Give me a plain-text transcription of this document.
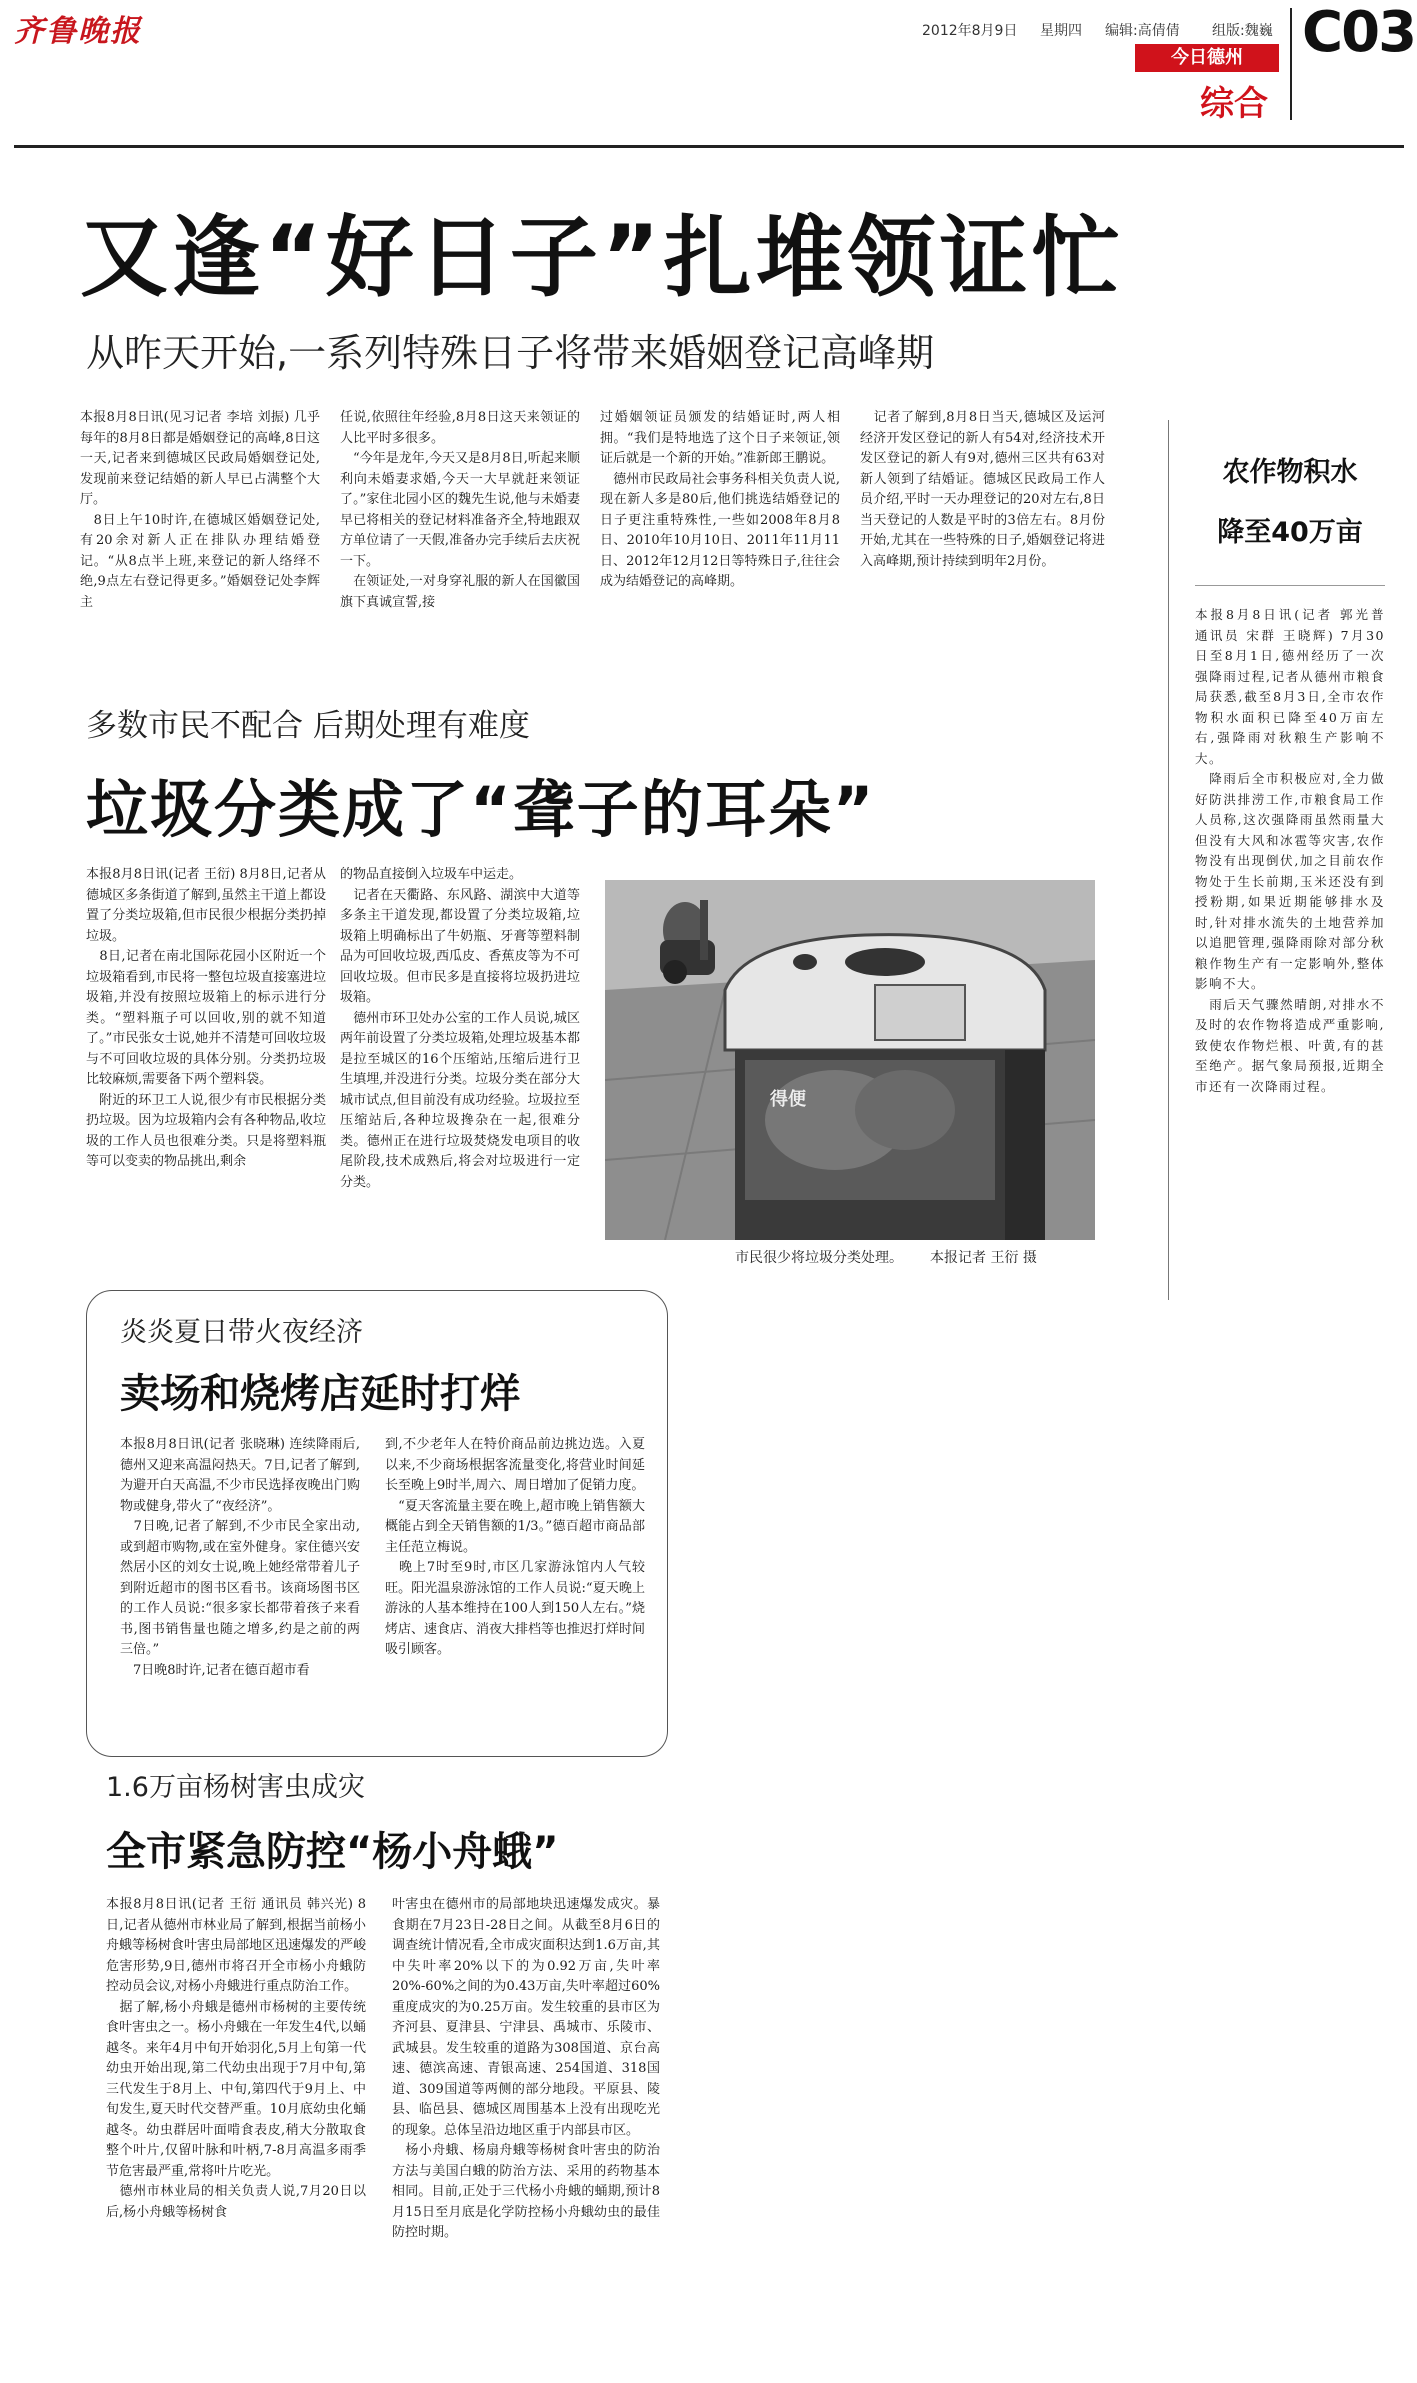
齐鲁晚报	2012年8月9日 星期四 编辑:高倩倩 组版:魏巍 C03
今日德州
综合
又逢“好日子”扎堆领证忙
从昨天开始,一系列特殊日子将带来婚姻登记高峰期
本报8月8日讯(见习记者 李培 刘振) 几乎每年的8月8日都是婚姻登记的高峰,8日这一天,记者来到德城区民政局婚姻登记处,发现前来登记结婚的新人早已占满整个大厅。
　8日上午10时许,在德城区婚姻登记处,有20余对新人正在排队办理结婚登记。“从8点半上班,来登记的新人络绎不绝,9点左右登记得更多。”婚姻登记处李辉主
任说,依照往年经验,8月8日这天来领证的人比平时多很多。
　“今年是龙年,今天又是8月8日,听起来顺利向未婚妻求婚,今天一大早就赶来领证了。”家住北园小区的魏先生说,他与未婚妻早已将相关的登记材料准备齐全,特地跟双方单位请了一天假,准备办完手续后去庆祝一下。
　在领证处,一对身穿礼服的新人在国徽国旗下真诚宣誓,接
过婚姻领证员颁发的结婚证时,两人相拥。“我们是特地选了这个日子来领证,领证后就是一个新的开始。”准新郎王鹏说。
　德州市民政局社会事务科相关负责人说,现在新人多是80后,他们挑选结婚登记的日子更注重特殊性,一些如2008年8月8日、2010年10月10日、2011年11月11日、2012年12月12日等特殊日子,往往会成为结婚登记的高峰期。
　记者了解到,8月8日当天,德城区及运河经济开发区登记的新人有54对,经济技术开发区登记的新人有9对,德州三区共有63对新人领到了结婚证。德城区民政局工作人员介绍,平时一天办理登记的20对左右,8日当天登记的人数是平时的3倍左右。8月份开始,尤其在一些特殊的日子,婚姻登记将进入高峰期,预计持续到明年2月份。
农作物积水
降至40万亩
本报8月8日讯(记者 郭光普 通讯员 宋群 王晓辉) 7月30日至8月1日,德州经历了一次强降雨过程,记者从德州市粮食局获悉,截至8月3日,全市农作物积水面积已降至40万亩左右,强降雨对秋粮生产影响不大。
　降雨后全市积极应对,全力做好防洪排涝工作,市粮食局工作人员称,这次强降雨虽然雨量大但没有大风和冰雹等灾害,农作物没有出现倒伏,加之目前农作物处于生长前期,玉米还没有到授粉期,如果近期能够排水及时,针对排水流失的土地营养加以追肥管理,强降雨除对部分秋粮作物生产有一定影响外,整体影响不大。
　雨后天气骤然晴朗,对排水不及时的农作物将造成严重影响,致使农作物烂根、叶黄,有的甚至绝产。据气象局预报,近期全市还有一次降雨过程。
多数市民不配合 后期处理有难度
垃圾分类成了“聋子的耳朵”
本报8月8日讯(记者 王衍) 8月8日,记者从德城区多条街道了解到,虽然主干道上都设置了分类垃圾箱,但市民很少根据分类扔掉垃圾。
　8日,记者在南北国际花园小区附近一个垃圾箱看到,市民将一整包垃圾直接塞进垃圾箱,并没有按照垃圾箱上的标示进行分类。“塑料瓶子可以回收,别的就不知道了。”市民张女士说,她并不清楚可回收垃圾与不可回收垃圾的具体分别。分类扔垃圾比较麻烦,需要备下两个塑料袋。
　附近的环卫工人说,很少有市民根据分类扔垃圾。因为垃圾箱内会有各种物品,收垃圾的工作人员也很难分类。只是将塑料瓶等可以变卖的物品挑出,剩余
的物品直接倒入垃圾车中运走。
　记者在天衢路、东风路、湖滨中大道等多条主干道发现,都设置了分类垃圾箱,垃圾箱上明确标出了牛奶瓶、牙膏等塑料制品为可回收垃圾,西瓜皮、香蕉皮等为不可回收垃圾。但市民多是直接将垃圾扔进垃圾箱。
　德州市环卫处办公室的工作人员说,城区两年前设置了分类垃圾箱,处理垃圾基本都是拉至城区的16个压缩站,压缩后进行卫生填埋,并没进行分类。垃圾分类在部分大城市试点,但目前没有成功经验。垃圾拉至压缩站后,各种垃圾搀杂在一起,很难分类。德州正在进行垃圾焚烧发电项目的收尾阶段,技术成熟后,将会对垃圾进行一定分类。
得便
市民很少将垃圾分类处理。 本报记者 王衍 摄
炎炎夏日带火夜经济
卖场和烧烤店延时打烊
本报8月8日讯(记者 张晓琳) 连续降雨后,德州又迎来高温闷热天。7日,记者了解到,为避开白天高温,不少市民选择夜晚出门购物或健身,带火了“夜经济”。
　7日晚,记者了解到,不少市民全家出动,或到超市购物,或在室外健身。家住德兴安然居小区的刘女士说,晚上她经常带着儿子到附近超市的图书区看书。该商场图书区的工作人员说:“很多家长都带着孩子来看书,图书销售量也随之增多,约是之前的两三倍。”
　7日晚8时许,记者在德百超市看
到,不少老年人在特价商品前边挑边选。入夏以来,不少商场根据客流量变化,将营业时间延长至晚上9时半,周六、周日增加了促销力度。
　“夏天客流量主要在晚上,超市晚上销售额大概能占到全天销售额的1/3。”德百超市商品部主任范立梅说。
　晚上7时至9时,市区几家游泳馆内人气较旺。阳光温泉游泳馆的工作人员说:“夏天晚上游泳的人基本维持在100人到150人左右。”烧烤店、速食店、消夜大排档等也推迟打烊时间吸引顾客。
1.6万亩杨树害虫成灾
全市紧急防控“杨小舟蛾”
本报8月8日讯(记者 王衍 通讯员 韩兴光) 8日,记者从德州市林业局了解到,根据当前杨小舟蛾等杨树食叶害虫局部地区迅速爆发的严峻危害形势,9日,德州市将召开全市杨小舟蛾防控动员会议,对杨小舟蛾进行重点防治工作。
　据了解,杨小舟蛾是德州市杨树的主要传统食叶害虫之一。杨小舟蛾在一年发生4代,以蛹越冬。来年4月中旬开始羽化,5月上旬第一代幼虫开始出现,第二代幼虫出现于7月中旬,第三代发生于8月上、中旬,第四代于9月上、中旬发生,夏天时代交替严重。10月底幼虫化蛹越冬。幼虫群居叶面啃食表皮,稍大分散取食整个叶片,仅留叶脉和叶柄,7-8月高温多雨季节危害最严重,常将叶片吃光。
　德州市林业局的相关负责人说,7月20日以后,杨小舟蛾等杨树食
叶害虫在德州市的局部地块迅速爆发成灾。暴食期在7月23日-28日之间。从截至8月6日的调查统计情况看,全市成灾面积达到1.6万亩,其中失叶率20%以下的为0.92万亩,失叶率20%-60%之间的为0.43万亩,失叶率超过60%重度成灾的为0.25万亩。发生较重的县市区为齐河县、夏津县、宁津县、禹城市、乐陵市、武城县。发生较重的道路为308国道、京台高速、德滨高速、青银高速、254国道、318国道、309国道等两侧的部分地段。平原县、陵县、临邑县、德城区周围基本上没有出现吃光的现象。总体呈沿边地区重于内部县市区。
　杨小舟蛾、杨扇舟蛾等杨树食叶害虫的防治方法与美国白蛾的防治方法、采用的药物基本相同。目前,正处于三代杨小舟蛾的蛹期,预计8月15日至月底是化学防控杨小舟蛾幼虫的最佳防控时期。
